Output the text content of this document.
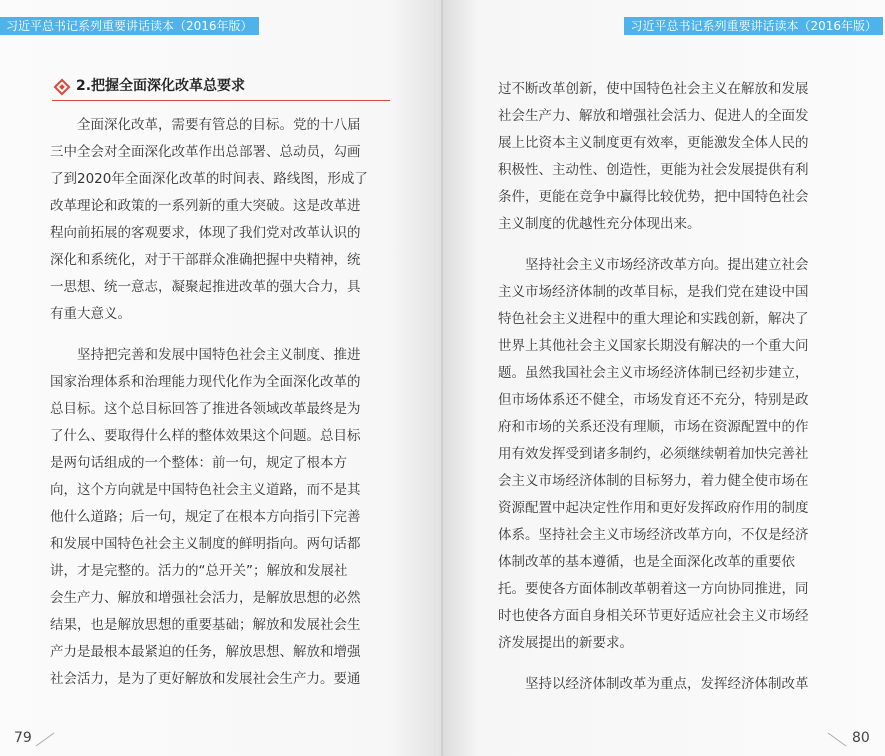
习近平总书记系列重要讲话读本（2016年版）	习近平总书记系列重要讲话读本（2016年版）
2.把握全面深化改革总要求
全面深化改革，需要有管总的目标。党的十八届
三中全会对全面深化改革作出总部署、总动员，勾画
了到2020年全面深化改革的时间表、路线图，形成了
改革理论和政策的一系列新的重大突破。这是改革进
程向前拓展的客观要求，体现了我们党对改革认识的
深化和系统化，对于干部群众准确把握中央精神，统
一思想、统一意志，凝聚起推进改革的强大合力，具
有重大意义。
坚持把完善和发展中国特色社会主义制度、推进
国家治理体系和治理能力现代化作为全面深化改革的
总目标。这个总目标回答了推进各领域改革最终是为
了什么、要取得什么样的整体效果这个问题。总目标
是两句话组成的一个整体：前一句，规定了根本方
向，这个方向就是中国特色社会主义道路，而不是其
他什么道路；后一句，规定了在根本方向指引下完善
和发展中国特色社会主义制度的鲜明指向。两句话都
讲，才是完整的。活力的“总开关”；解放和发展社
会生产力、解放和增强社会活力，是解放思想的必然
结果，也是解放思想的重要基础；解放和发展社会生
产力是最根本最紧迫的任务，解放思想、解放和增强
社会活力，是为了更好解放和发展社会生产力。要通
过不断改革创新，使中国特色社会主义在解放和发展
社会生产力、解放和增强社会活力、促进人的全面发
展上比资本主义制度更有效率，更能激发全体人民的
积极性、主动性、创造性，更能为社会发展提供有利
条件，更能在竞争中赢得比较优势，把中国特色社会
主义制度的优越性充分体现出来。
坚持社会主义市场经济改革方向。提出建立社会
主义市场经济体制的改革目标，是我们党在建设中国
特色社会主义进程中的重大理论和实践创新，解决了
世界上其他社会主义国家长期没有解决的一个重大问
题。虽然我国社会主义市场经济体制已经初步建立，
但市场体系还不健全，市场发育还不充分，特别是政
府和市场的关系还没有理顺，市场在资源配置中的作
用有效发挥受到诸多制约，必须继续朝着加快完善社
会主义市场经济体制的目标努力，着力健全使市场在
资源配置中起决定性作用和更好发挥政府作用的制度
体系。坚持社会主义市场经济改革方向，不仅是经济
体制改革的基本遵循，也是全面深化改革的重要依
托。要使各方面体制改革朝着这一方向协同推进，同
时也使各方面自身相关环节更好适应社会主义市场经
济发展提出的新要求。
坚持以经济体制改革为重点，发挥经济体制改革
79	80
